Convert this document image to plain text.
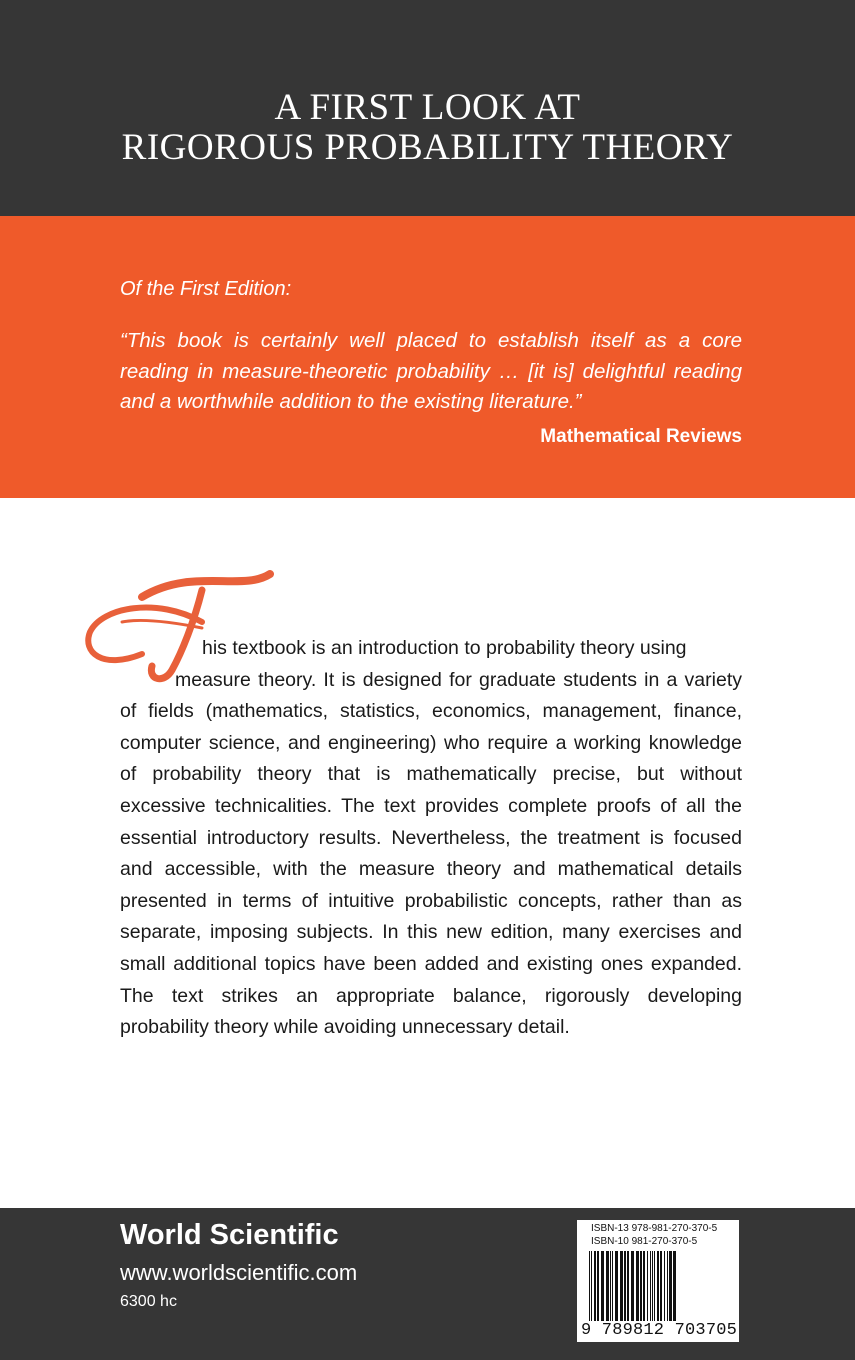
A FIRST LOOK AT
RIGOROUS PROBABILITY THEORY
Of the First Edition:
“This book is certainly well placed to establish itself as a core reading in measure-theoretic probability … [it is] delightful reading and a worthwhile addition to the existing literature.”
Mathematical Reviews
his textbook is an introduction to probability theory using
measure theory. It is designed for graduate students in a variety of fields (mathematics, statistics, economics, management, finance, computer science, and engineering) who require a working knowledge of probability theory that is mathematically precise, but without excessive technicalities. The text provides complete proofs of all the essential introductory results. Nevertheless, the treatment is focused and accessible, with the measure theory and mathematical details presented in terms of intuitive probabilistic concepts, rather than as separate, imposing subjects. In this new edition, many exercises and small additional topics have been added and existing ones expanded. The text strikes an appropriate balance, rigorously developing probability theory while avoiding unnecessary detail.
World Scientific
www.worldscientific.com
6300 hc
ISBN-13 978-981-270-370-5
ISBN-10 981-270-370-5
9 789812 703705
